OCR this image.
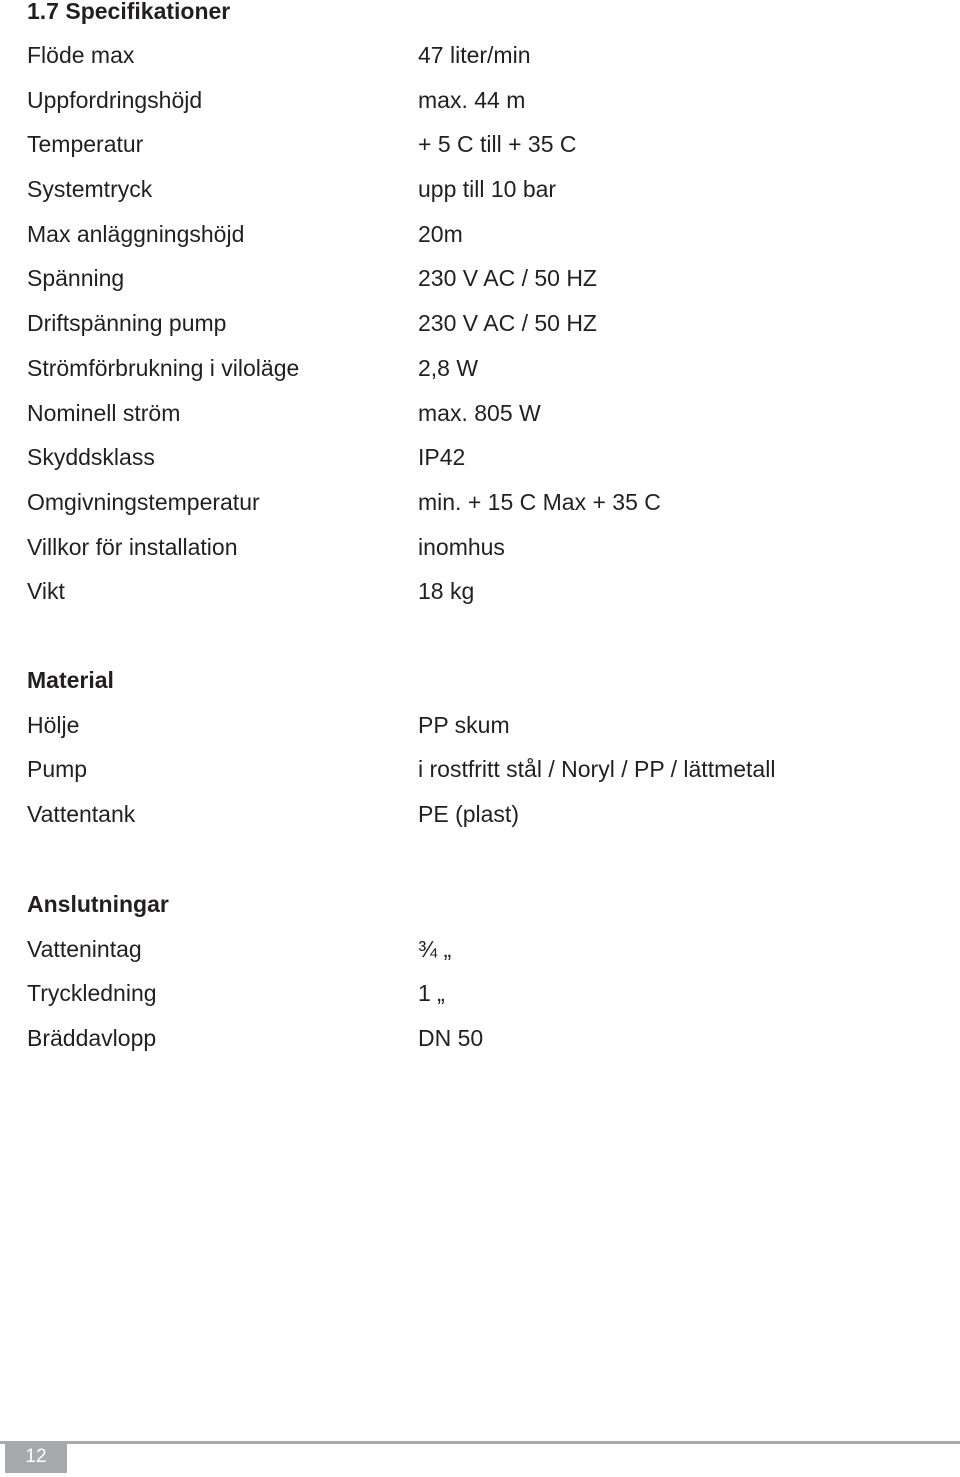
1.7 Specifikationer
Flöde max	47 liter/min
Uppfordringshöjd	max. 44 m
Temperatur	+ 5 C till + 35 C
Systemtryck	upp till 10 bar
Max anläggningshöjd	20m
Spänning	230 V AC / 50 HZ
Driftspänning pump	230 V AC / 50 HZ
Strömförbrukning i viloläge	2,8 W
Nominell ström	max. 805 W
Skyddsklass	IP42
Omgivningstemperatur	min. + 15 C Max + 35 C
Villkor för installation	inomhus
Vikt	18 kg
Material
Hölje	PP skum
Pump	i rostfritt stål / Noryl / PP / lättmetall
Vattentank	PE (plast)
Anslutningar
Vattenintag	¾ „
Tryckledning	1 „
Bräddavlopp	DN 50
12
